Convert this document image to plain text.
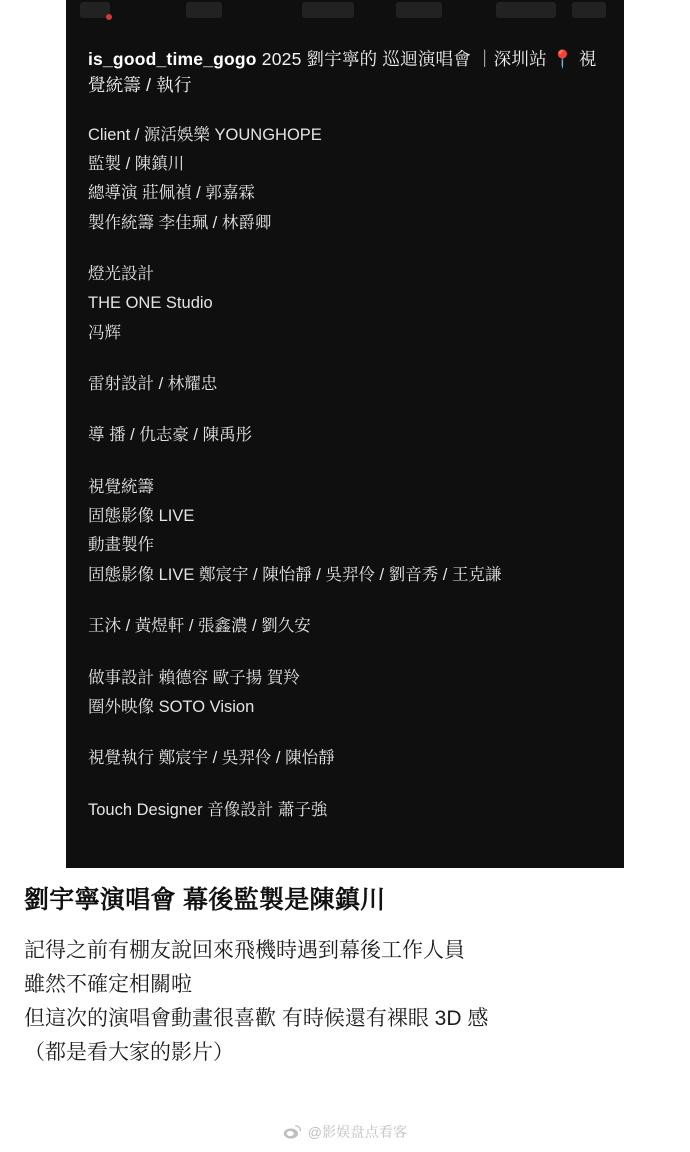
is_good_time_gogo 2025 劉宇寧的 巡迴演唱會 ｜深圳站 📍 視覺統籌 / 執行
Client / 源活娛樂 YOUNGHOPE
監製 / 陳鎮川
總導演 莊佩禎 / 郭嘉霖
製作統籌 李佳珮 / 林爵卿
燈光設計
THE ONE Studio
冯辉
雷射設計 / 林耀忠
導 播 / 仇志豪 / 陳禹彤
視覺統籌
固態影像 LIVE
動畫製作
固態影像 LIVE 鄭宸宇 / 陳怡靜 / 吳羿伶 / 劉音秀 / 王克謙
王沐 / 黃煜軒 / 張鑫濃 / 劉久安
做事設計 賴德容 歐子揚 賀羚
圈外映像 SOTO Vision
視覺執行 鄭宸宇 / 吳羿伶 / 陳怡靜
Touch Designer 音像設計 蕭子強
劉宇寧演唱會 幕後監製是陳鎮川

記得之前有棚友說回來飛機時遇到幕後工作人員

雖然不確定相關啦

但這次的演唱會動畫很喜歡 有時候還有裸眼 3D 感

（都是看大家的影片）

@影娱盘点看客
